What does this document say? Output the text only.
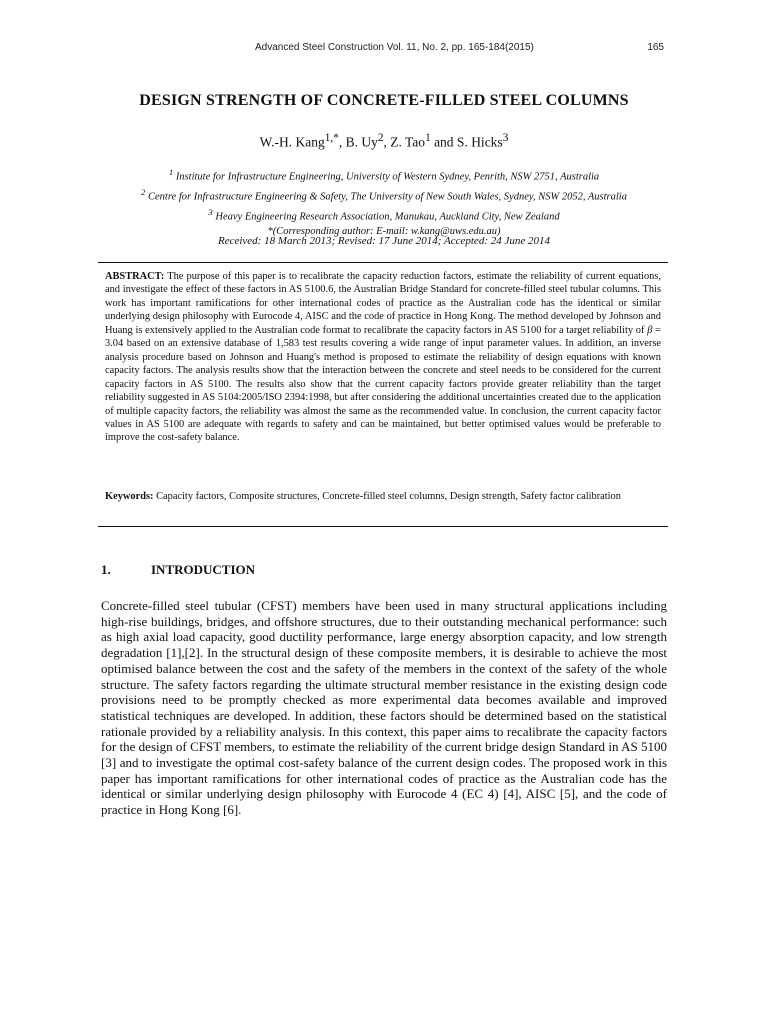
Advanced Steel Construction Vol. 11, No. 2, pp. 165-184(2015)	165
DESIGN STRENGTH OF CONCRETE-FILLED STEEL COLUMNS
W.-H. Kang$^{1,*}$, B. Uy$^2$, Z. Tao$^1$ and S. Hicks$^3$
$^1$ Institute for Infrastructure Engineering, University of Western Sydney, Penrith, NSW 2751, Australia
$^2$ Centre for Infrastructure Engineering & Safety, The University of New South Wales, Sydney, NSW 2052, Australia
$^3$ Heavy Engineering Research Association, Manukau, Auckland City, New Zealand
*(Corresponding author: E-mail: w.kang@uws.edu.au)
Received: 18 March 2013; Revised: 17 June 2014; Accepted: 24 June 2014
ABSTRACT: The purpose of this paper is to recalibrate the capacity reduction factors, estimate the reliability of current equations, and investigate the effect of these factors in AS 5100.6, the Australian Bridge Standard for concrete-filled steel tubular columns. This work has important ramifications for other international codes of practice as the Australian code has the identical or similar underlying design philosophy with Eurocode 4, AISC and the code of practice in Hong Kong. The method developed by Johnson and Huang is extensively applied to the Australian code format to recalibrate the capacity factors in AS 5100 for a target reliability of β = 3.04 based on an extensive database of 1,583 test results covering a wide range of input parameter values. In addition, an inverse analysis procedure based on Johnson and Huang's method is proposed to estimate the reliability of design equations with known capacity factors. The analysis results show that the interaction between the concrete and steel needs to be considered for the current capacity factors in AS 5100. The results also show that the current capacity factors provide greater reliability than the target reliability suggested in AS 5104:2005/ISO 2394:1998, but after considering the additional uncertainties created due to the application of multiple capacity factors, the reliability was almost the same as the recommended value. In conclusion, the current capacity factor values in AS 5100 are adequate with regards to safety and can be maintained, but better optimised values would be preferable to improve the cost-safety balance.
Keywords: Capacity factors, Composite structures, Concrete-filled steel columns, Design strength, Safety factor calibration
1.	INTRODUCTION
Concrete-filled steel tubular (CFST) members have been used in many structural applications including high-rise buildings, bridges, and offshore structures, due to their outstanding mechanical performance: such as high axial load capacity, good ductility performance, large energy absorption capacity, and low strength degradation [1],[2]. In the structural design of these composite members, it is desirable to achieve the most optimised balance between the cost and the safety of the members in the context of the safety of the whole structure. The safety factors regarding the ultimate structural member resistance in the existing design code provisions need to be promptly checked as more experimental data becomes available and improved statistical techniques are developed. In addition, these factors should be determined based on the statistical rationale provided by a reliability analysis. In this context, this paper aims to recalibrate the capacity factors for the design of CFST members, to estimate the reliability of the current bridge design Standard in AS 5100 [3] and to investigate the optimal cost-safety balance of the current design codes. The proposed work in this paper has important ramifications for other international codes of practice as the Australian code has the identical or similar underlying design philosophy with Eurocode 4 (EC 4) [4], AISC [5], and the code of practice in Hong Kong [6].
